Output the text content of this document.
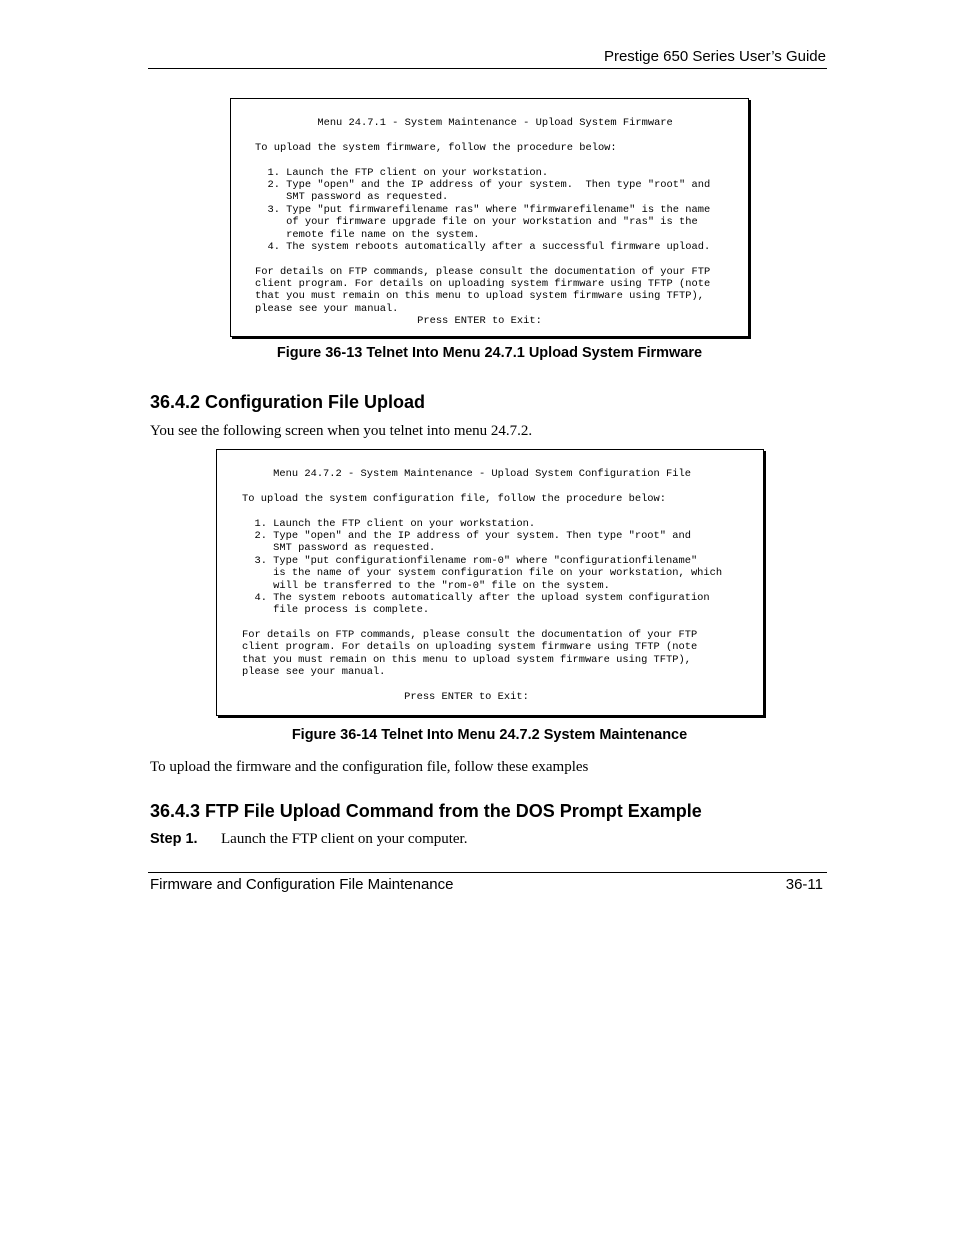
Prestige 650 Series User’s Guide
Menu 24.7.1 - System Maintenance - Upload System Firmware
To upload the system firmware, follow the procedure below:
1. Launch the FTP client on your workstation.
2. Type "open" and the IP address of your system.  Then type "root" and
SMT password as requested.
3. Type "put firmwarefilename ras" where "firmwarefilename" is the name
of your firmware upgrade file on your workstation and "ras" is the
remote file name on the system.
4. The system reboots automatically after a successful firmware upload.
For details on FTP commands, please consult the documentation of your FTP
client program. For details on uploading system firmware using TFTP (note
that you must remain on this menu to upload system firmware using TFTP),
please see your manual.
Press ENTER to Exit:
Figure 36-13 Telnet Into Menu 24.7.1 Upload System Firmware
36.4.2 Configuration File Upload
You see the following screen when you telnet into menu 24.7.2.
Menu 24.7.2 - System Maintenance - Upload System Configuration File
To upload the system configuration file, follow the procedure below:
1. Launch the FTP client on your workstation.
2. Type "open" and the IP address of your system. Then type "root" and
SMT password as requested.
3. Type "put configurationfilename rom-0" where "configurationfilename"
is the name of your system configuration file on your workstation, which
will be transferred to the "rom-0" file on the system.
4. The system reboots automatically after the upload system configuration
file process is complete.
For details on FTP commands, please consult the documentation of your FTP
client program. For details on uploading system firmware using TFTP (note
that you must remain on this menu to upload system firmware using TFTP),
please see your manual.
Press ENTER to Exit:
Figure 36-14 Telnet Into Menu 24.7.2 System Maintenance
To upload the firmware and the configuration file, follow these examples
36.4.3 FTP File Upload Command from the DOS Prompt Example
Step 1. Launch the FTP client on your computer.
Firmware and Configuration File Maintenance	36-11
